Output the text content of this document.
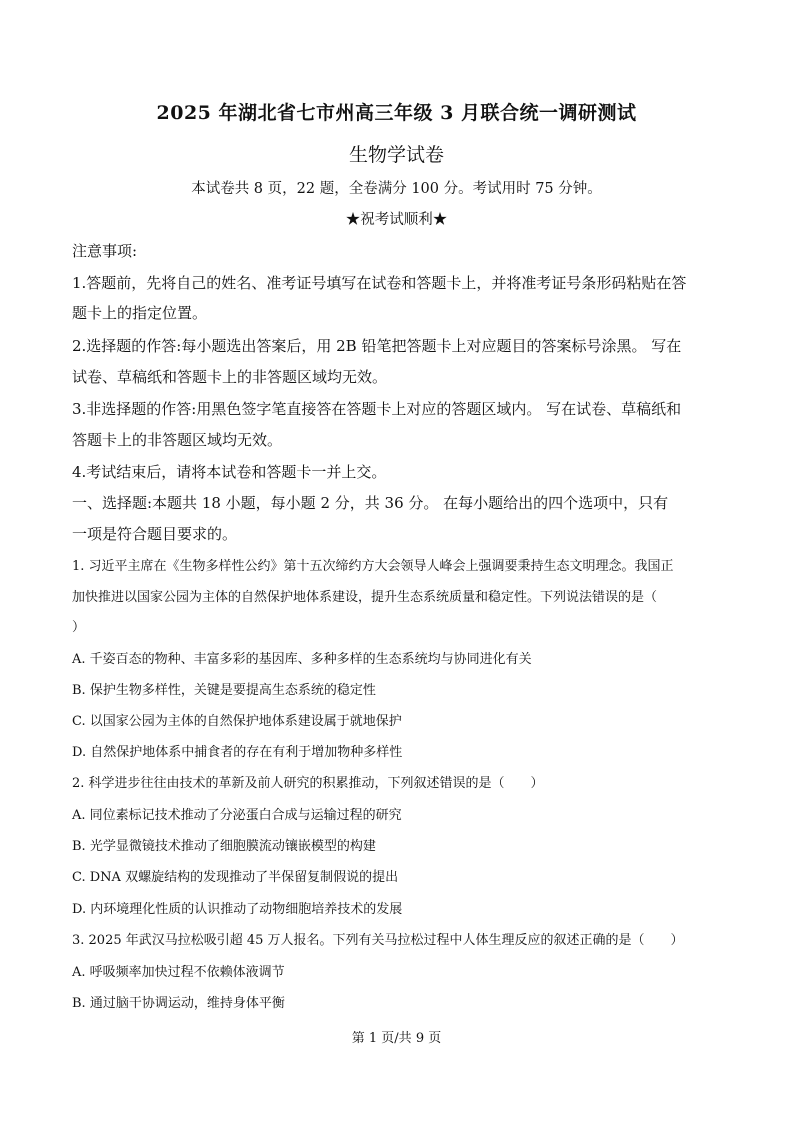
2025 年湖北省七市州高三年级 3 月联合统一调研测试
生物学试卷
本试卷共 8 页，22 题，全卷满分 100 分。考试用时 75 分钟。
★祝考试顺利★
注意事项:
1.答题前，先将自己的姓名、准考证号填写在试卷和答题卡上，并将准考证号条形码粘贴在答
题卡上的指定位置。
2.选择题的作答:每小题选出答案后，用 2B 铅笔把答题卡上对应题目的答案标号涂黑。 写在
试卷、草稿纸和答题卡上的非答题区域均无效。
3.非选择题的作答:用黑色签字笔直接答在答题卡上对应的答题区域内。 写在试卷、草稿纸和
答题卡上的非答题区域均无效。
4.考试结束后，请将本试卷和答题卡一并上交。
一、选择题:本题共 18 小题，每小题 2 分，共 36 分。 在每小题给出的四个选项中，只有
一项是符合题目要求的。
1. 习近平主席在《生物多样性公约》第十五次缔约方大会领导人峰会上强调要秉持生态文明理念。我国正
加快推进以国家公园为主体的自然保护地体系建设，提升生态系统质量和稳定性。下列说法错误的是（
）
A. 千姿百态的物种、丰富多彩的基因库、多种多样的生态系统均与协同进化有关
B. 保护生物多样性，关键是要提高生态系统的稳定性
C. 以国家公园为主体的自然保护地体系建设属于就地保护
D. 自然保护地体系中捕食者的存在有利于增加物种多样性
2. 科学进步往往由技术的革新及前人研究的积累推动，下列叙述错误的是（　　）
A. 同位素标记技术推动了分泌蛋白合成与运输过程的研究
B. 光学显微镜技术推动了细胞膜流动镶嵌模型的构建
C. DNA 双螺旋结构的发现推动了半保留复制假说的提出
D. 内环境理化性质的认识推动了动物细胞培养技术的发展
3. 2025 年武汉马拉松吸引超 45 万人报名。下列有关马拉松过程中人体生理反应的叙述正确的是（　　）
A. 呼吸频率加快过程不依赖体液调节
B. 通过脑干协调运动，维持身体平衡
第 1 页/共 9 页
